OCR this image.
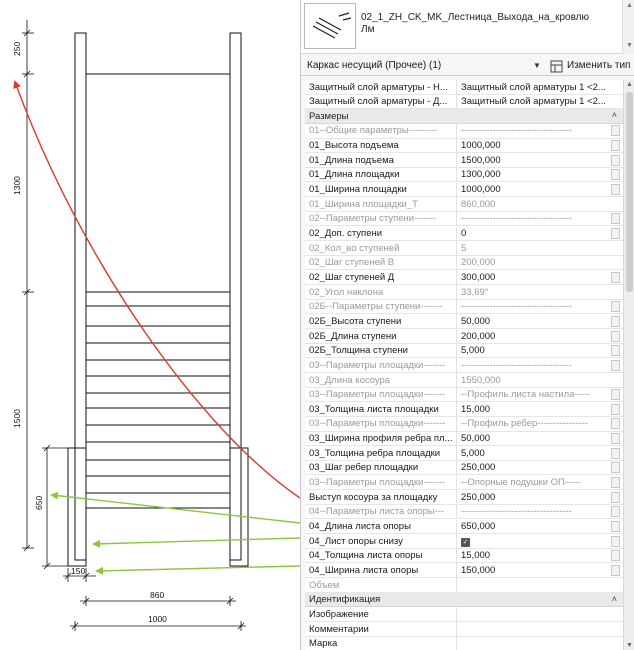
250
1300
1500
650
150
860
1000
02_1_ZH_CK_MK_Лестница_Выхода_на_кровлю
Лм
▲
▼
Каркас несущий (Прочее) (1)	▼	Изменить тип
Защитный слой арматуры - Н...	Защитный слой арматуры 1 <2...
Защитный слой арматуры - Д...	Защитный слой арматуры 1 <2...
Размеры	˄
01--Общие параметры---------	-----------------------------------
01_Высота подъема	1000,000
01_Длина подъема	1500,000
01_Длина площадки	1300,000
01_Ширина площадки	1000,000
01_Ширина площадки_Т	860,000
02--Параметры ступени-------	-----------------------------------
02_Доп. ступени	0
02_Кол_во ступеней	5
02_Шаг ступеней В	200,000
02_Шаг ступеней Д	300,000
02_Угол наклона	33,69°
02Б--Параметры ступени-------	-----------------------------------
02Б_Высота ступени	50,000
02Б_Длина ступени	200,000
02Б_Толщина ступени	5,000
03--Параметры площадки-------	-----------------------------------
03_Длина косоура	1550,000
03--Параметры площадки-------	--Профиль листа настила-----
03_Толщина листа площадки	15,000
03--Параметры площадки-------	--Профиль ребер----------------
03_Ширина профиля ребра пл... 50,000
03_Толщина ребра площадки	5,000
03_Шаг ребер площадки	250,000
03--Параметры площадки-------	--Опорные подушки ОП-----
Выступ косоура за площадку	250,000
04--Параметры листа опоры---	-----------------------------------
04_Длина листа опоры	650,000
04_Лист опоры снизу	✓
04_Толщина листа опоры	15,000
04_Ширина листа опоры	150,000
Объем
Идентификация	˄
Изображение
Комментарии
Марка
▲
▼
